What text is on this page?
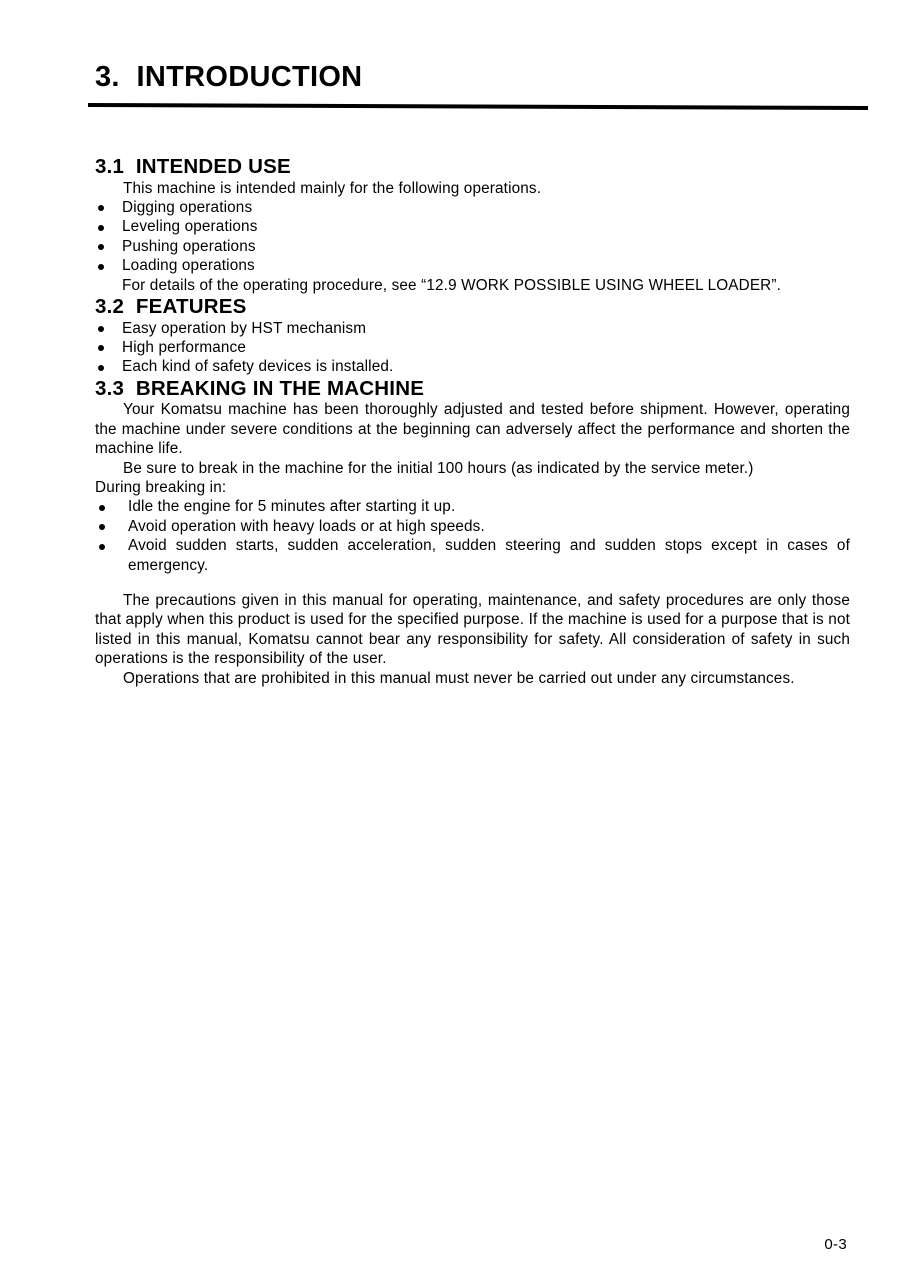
3.  INTRODUCTION
3.1  INTENDED USE

This machine is intended mainly for the following operations.

Digging operations
Leveling operations
Pushing operations
Loading operations
For details of the operating procedure, see “12.9 WORK POSSIBLE USING WHEEL LOADER”.
3.2  FEATURES
Easy operation by HST mechanism
High performance
Each kind of safety devices is installed.
3.3  BREAKING IN THE MACHINE

Your Komatsu machine has been thoroughly adjusted and tested before shipment. However, operating the machine under severe conditions at the beginning can adversely affect the performance and shorten the machine life.

Be sure to break in the machine for the initial 100 hours (as indicated by the service meter.)

During breaking in:

Idle the engine for 5 minutes after starting it up.
Avoid operation with heavy loads or at high speeds.
Avoid sudden starts, sudden acceleration, sudden steering and sudden stops except in cases of emergency.

The precautions given in this manual for operating, maintenance, and safety procedures are only those that apply when this product is used for the specified purpose. If the machine is used for a purpose that is not listed in this manual, Komatsu cannot bear any responsibility for safety. All consideration of safety in such operations is the responsibility of the user.

Operations that are prohibited in this manual must never be carried out under any circumstances.

0-3
